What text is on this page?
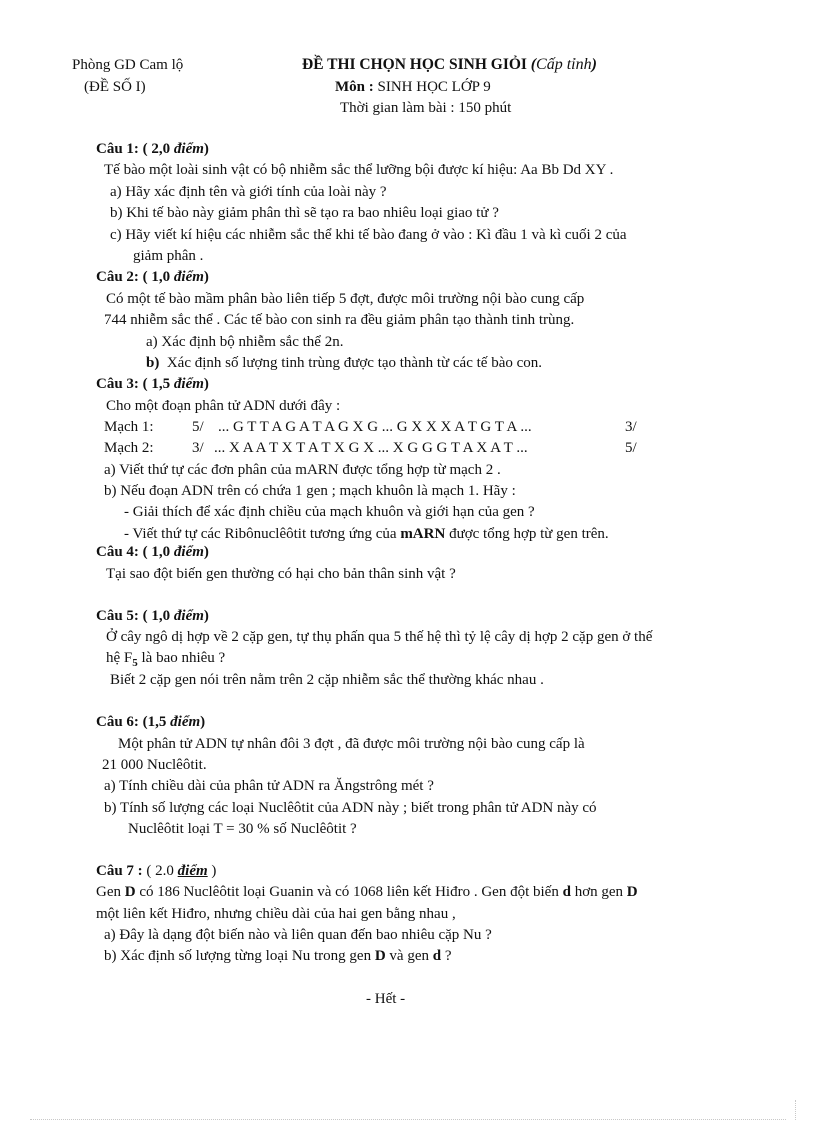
Phòng GD Cam lộ
(ĐỀ SỐ I)
ĐỀ THI CHỌN HỌC SINH GIỎI (Cấp tỉnh)
Môn : SINH HỌC LỚP 9
Thời gian làm bài : 150 phút
Câu 1: ( 2,0 điểm)
Tế bào một loài sinh vật có bộ nhiễm sắc thể lưỡng bội được kí hiệu: Aa Bb Dd XY .
a) Hãy xác định tên và giới tính của loài này ?
b) Khi tế bào này giảm phân thì sẽ tạo ra bao nhiêu loại giao tử ?
c) Hãy viết kí hiệu các nhiễm sắc thể khi tế bào đang ở vào : Kì đầu 1 và kì cuối 2 của
giảm phân .
Câu 2: ( 1,0 điểm)
Có một tế bào mầm phân bào liên tiếp 5 đợt, được môi trường nội bào cung cấp
744 nhiễm sắc thể . Các tế bào con sinh ra đều giảm phân tạo thành tinh trùng.
a) Xác định bộ nhiễm sắc thể 2n.
b) Xác định số lượng tinh trùng được tạo thành từ các tế bào con.
Câu 3: ( 1,5 điểm)
Cho một đoạn phân tử ADN dưới đây :
Mạch 1:	5/ ... G T T A G A T A G X G ... G X X X A T G T A ...	3/
Mạch 2:	3/ ... X A A T X T A T X G X ... X G G G T A X A T ...	5/
a) Viết thứ tự các đơn phân của mARN được tổng hợp từ mạch 2 .
b) Nếu đoạn ADN trên có chứa 1 gen ; mạch khuôn là mạch 1. Hãy :
- Giải thích để xác định chiều của mạch khuôn và giới hạn của gen ?
- Viết thứ tự các Ribônuclêôtit tương ứng của mARN được tổng hợp từ gen trên.
Câu 4: ( 1,0 điểm)
Tại sao đột biến gen thường có hại cho bản thân sinh vật ?
Câu 5: ( 1,0 điểm)
Ở cây ngô dị hợp về 2 cặp gen, tự thụ phấn qua 5 thế hệ thì tỷ lệ cây dị hợp 2 cặp gen ở thế
hệ $F_5$ là bao nhiêu ?
Biết 2 cặp gen nói trên nằm trên 2 cặp nhiễm sắc thể thường khác nhau .
Câu 6: (1,5 điểm)
Một phân tử ADN tự nhân đôi 3 đợt , đã được môi trường nội bào cung cấp là
21 000 Nuclêôtit.
a) Tính chiều dài của phân tử ADN ra Ăngstrông mét ?
b) Tính số lượng các loại Nuclêôtit của ADN này ; biết trong phân tử ADN này có
Nuclêôtit loại T = 30 % số Nuclêôtit ?
Câu 7 : ( 2.0 điểm )
Gen D có 186 Nuclêôtit loại Guanin và có 1068 liên kết Hiđro . Gen đột biến d hơn gen D
một liên kết Hiđro, nhưng chiều dài của hai gen bằng nhau ,
a) Đây là dạng đột biến nào và liên quan đến bao nhiêu cặp Nu ?
b) Xác định số lượng từng loại Nu trong gen D và gen d ?
- Hết -
